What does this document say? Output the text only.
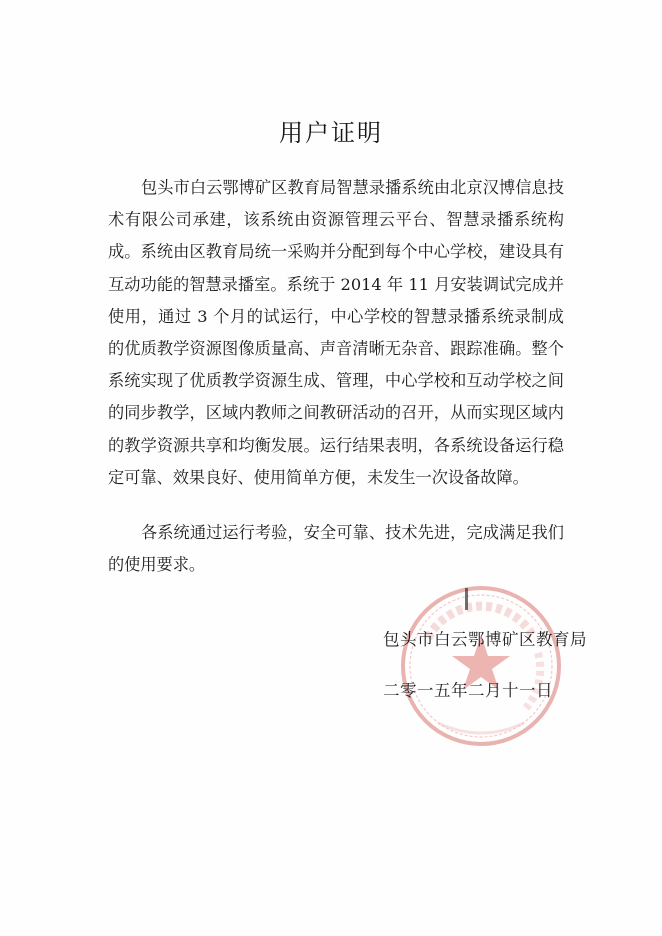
用户证明
包头市白云鄂博矿区教育局智慧录播系统由北京汉博信息技术有限公司承建，该系统由资源管理云平台、智慧录播系统构成。系统由区教育局统一采购并分配到每个中心学校，建设具有互动功能的智慧录播室。系统于 2014 年 11 月安装调试完成并使用，通过 3 个月的试运行，中心学校的智慧录播系统录制成的优质教学资源图像质量高、声音清晰无杂音、跟踪准确。整个系统实现了优质教学资源生成、管理，中心学校和互动学校之间的同步教学，区域内教师之间教研活动的召开，从而实现区域内的教学资源共享和均衡发展。运行结果表明，各系统设备运行稳定可靠、效果良好、使用简单方便，未发生一次设备故障。
各系统通过运行考验，安全可靠、技术先进，完成满足我们的使用要求。
包头市白云鄂博矿区教育局
二零一五年二月十一日
